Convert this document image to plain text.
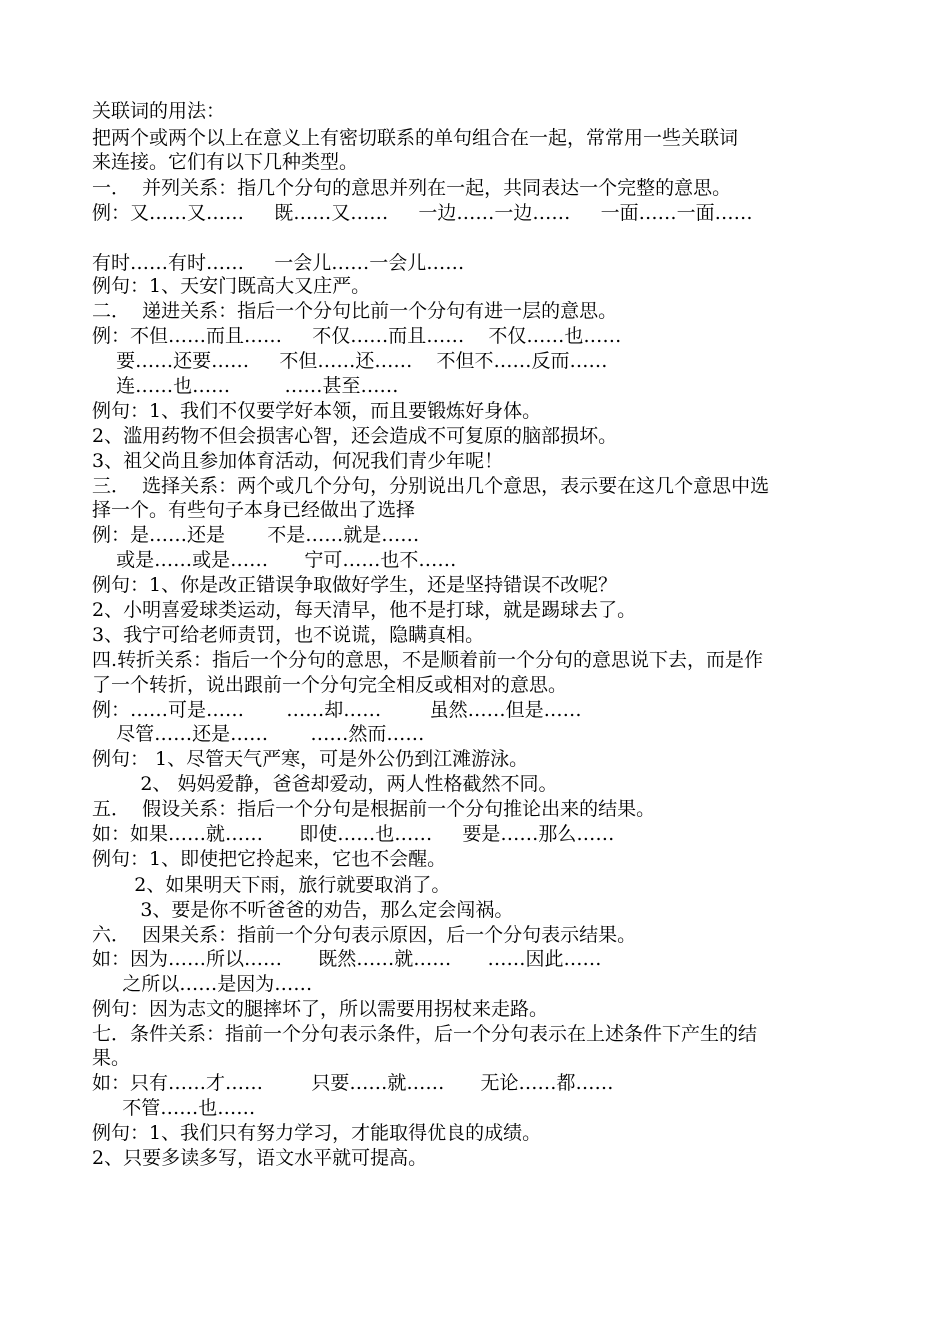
关联词的用法：
把两个或两个以上在意义上有密切联系的单句组合在一起，常常用一些关联词
来连接。它们有以下几种类型。
一．  并列关系：指几个分句的意思并列在一起，共同表达一个完整的意思。
例：又……又……     既……又……     一边……一边……     一面……一面……
有时……有时……     一会儿……一会儿……
例句：1、天安门既高大又庄严。
二．  递进关系：指后一个分句比前一个分句有进一层的意思。
例：不但……而且……     不仅……而且……    不仅……也……
要……还要……     不但……还……    不但不……反而……
连……也……         ……甚至……
例句：1、我们不仅要学好本领，而且要锻炼好身体。
2、滥用药物不但会损害心智，还会造成不可复原的脑部损坏。
3、祖父尚且参加体育活动，何况我们青少年呢！
三．  选择关系：两个或几个分句，分别说出几个意思，表示要在这几个意思中选
择一个。有些句子本身已经做出了选择
例：是……还是       不是……就是……
或是……或是……      宁可……也不……
例句：1、你是改正错误争取做好学生，还是坚持错误不改呢？
2、小明喜爱球类运动，每天清早，他不是打球，就是踢球去了。
3、我宁可给老师责罚，也不说谎，隐瞒真相。
四.转折关系：指后一个分句的意思，不是顺着前一个分句的意思说下去，而是作
了一个转折，说出跟前一个分句完全相反或相对的意思。
例：……可是……       ……却……        虽然……但是……
尽管……还是……       ……然而……
例句： 1、尽管天气严寒，可是外公仍到江滩游泳。
2、 妈妈爱静，爸爸却爱动，两人性格截然不同。
五．  假设关系：指后一个分句是根据前一个分句推论出来的结果。
如：如果……就……      即使……也……     要是……那么……
例句：1、即使把它拎起来，它也不会醒。
2、如果明天下雨，旅行就要取消了。
3、要是你不听爸爸的劝告，那么定会闯祸。
六．  因果关系：指前一个分句表示原因，后一个分句表示结果。
如：因为……所以……      既然……就……      ……因此……
之所以……是因为……
例句：因为志文的腿摔坏了，所以需要用拐杖来走路。
七．条件关系：指前一个分句表示条件，后一个分句表示在上述条件下产生的结
果。
如：只有……才……        只要……就……      无论……都……
不管……也……
例句：1、我们只有努力学习，才能取得优良的成绩。
2、只要多读多写，语文水平就可提高。
